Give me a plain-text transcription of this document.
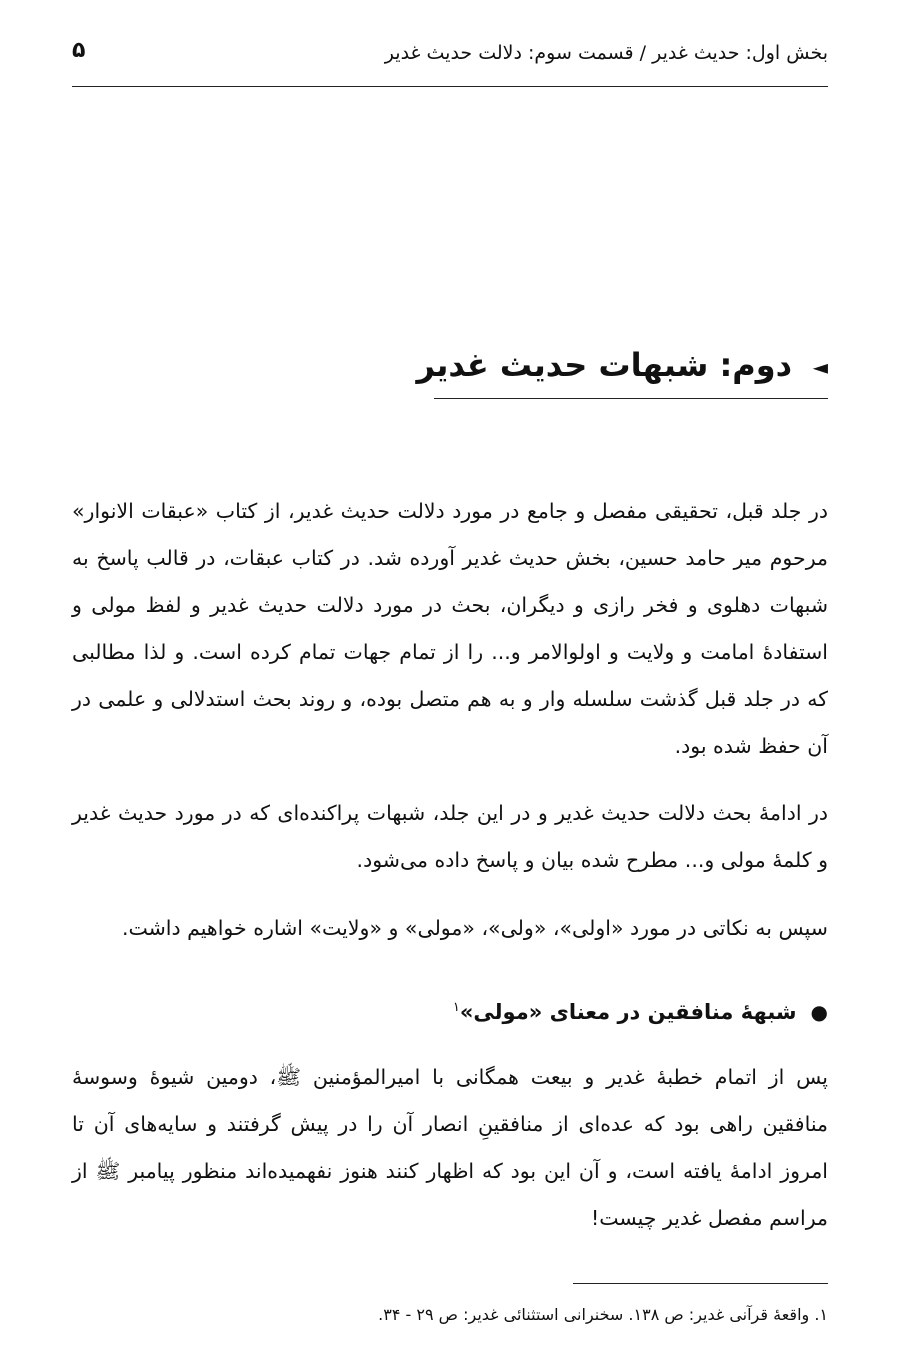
بخش اول: حدیث غدیر / قسمت سوم: دلالت حدیث غدیر
۵
◄
دوم: شبهات حدیث غدیر

در جلد قبل، تحقیقی مفصل و جامع در مورد دلالت حدیث غدیر، از کتاب «عبقات الانوار» مرحوم میر حامد حسین، بخش حدیث غدیر آورده شد. در کتاب عبقات، در قالب پاسخ به شبهات دهلوی و فخر رازی و دیگران، بحث در مورد دلالت حدیث غدیر و لفظ مولی و استفادۀ امامت و ولایت و اولوالامر و... را از تمام جهات تمام کرده است. و لذا مطالبی که در جلد قبل گذشت سلسله وار و به هم متصل بوده، و روند بحث استدلالی و علمی در آن حفظ شده بود.

در ادامۀ بحث دلالت حدیث غدیر و در این جلد، شبهات پراکنده‌ای که در مورد حدیث غدیر و کلمۀ مولی و... مطرح شده بیان و پاسخ داده می‌شود.

سپس به نکاتی در مورد «اولی»، «ولی»، «مولی» و «ولایت» اشاره خواهیم داشت.

●شبهۀ منافقین در معنای «مولی»$^۱$

پس از اتمام خطبۀ غدیر و بیعت همگانی با امیرالمؤمنین ﷺ، دومین شیوۀ وسوسۀ منافقین راهی بود که عده‌ای از منافقینِ انصار آن را در پیش گرفتند و سایه‌های آن تا امروز ادامۀ یافته است، و آن این بود که اظهار کنند هنوز نفهمیده‌اند منظور پیامبر ﷺ از مراسم مفصل غدیر چیست!

۱. واقعۀ قرآنی غدیر: ص ۱۳۸. سخنرانی استثنائی غدیر: ص ۲۹ - ۳۴.
